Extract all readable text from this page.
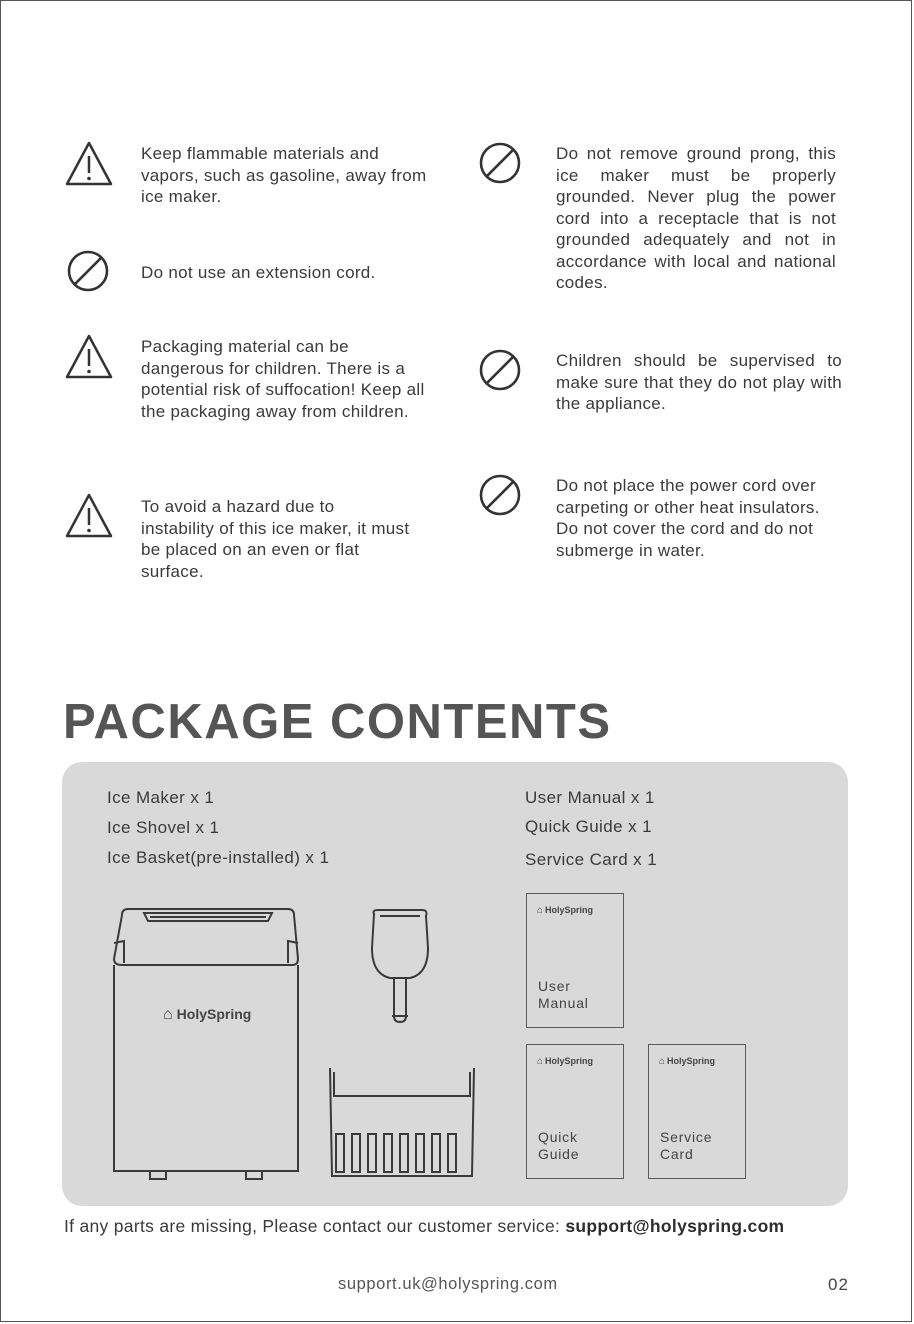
Keep flammable materials and vapors, such as gasoline, away from ice maker.
Do not use an extension cord.
Packaging material can be dangerous for children. There is a potential risk of suffocation! Keep all the packaging away from children.
To avoid a hazard due to instability of this ice maker, it must be placed on an even or flat surface.
Do not remove ground prong, this ice maker must be properly grounded. Never plug the power cord into a receptacle that is not grounded adequately and not in accordance with local and national codes.
Children should be supervised to make sure that they do not play with the appliance.
Do not place the power cord over carpeting or other heat insulators. Do not cover the cord and do not submerge in water.
PACKAGE CONTENTS
Ice Maker x 1
Ice Shovel x 1
Ice Basket(pre-installed) x 1
User Manual x 1
Quick Guide x 1
Service Card x 1
⌂ HolySpring
⌂ HolySpring
User
Manual
⌂ HolySpring
Quick
Guide
⌂ HolySpring
Service
Card
If any parts are missing, Please contact our customer service: support@holyspring.com
support.uk@holyspring.com	02
